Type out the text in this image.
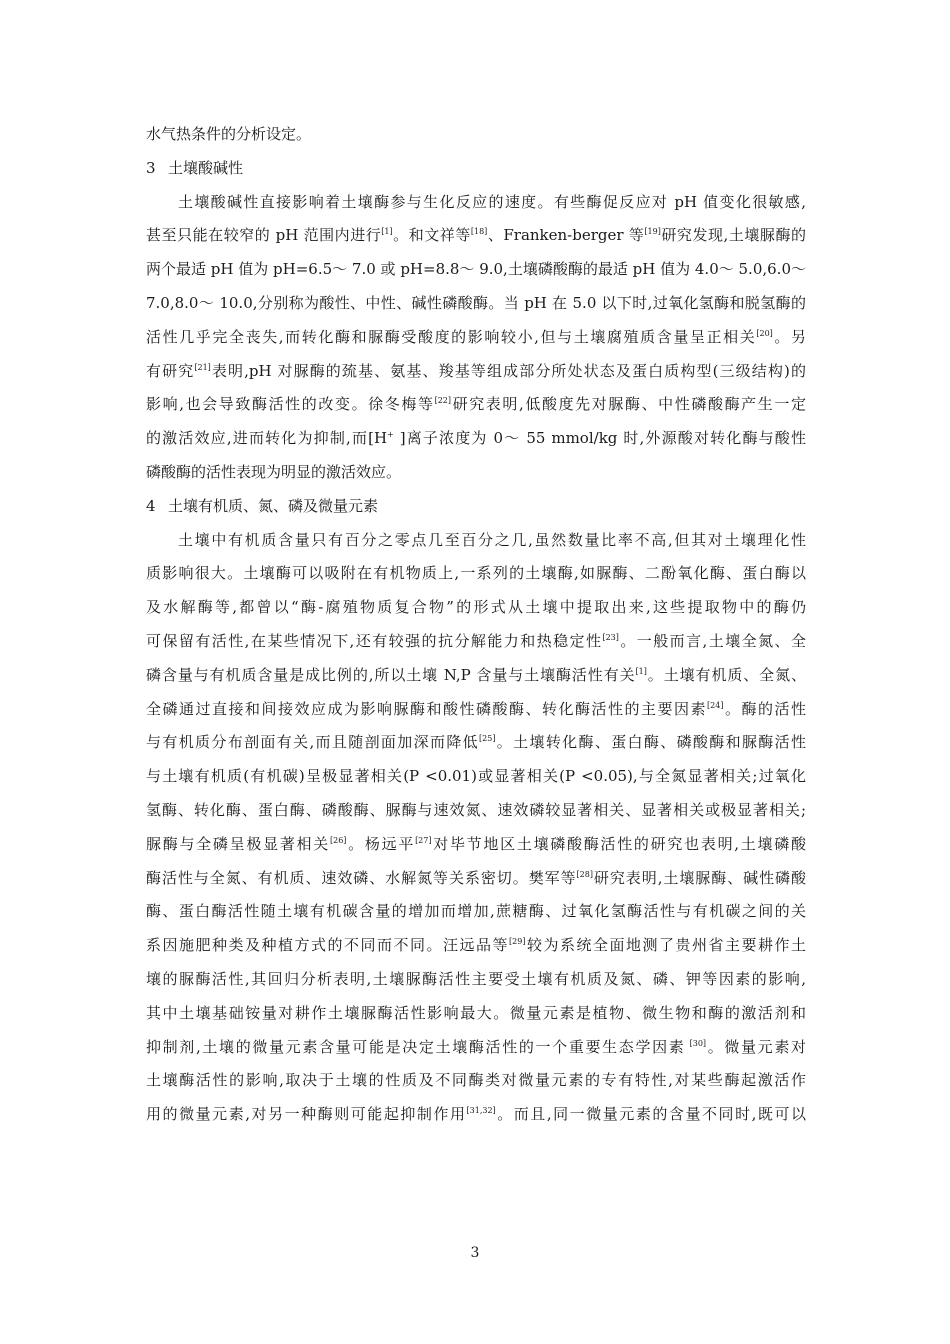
水气热条件的分析设定。
3 土壤酸碱性
土壤酸碱性直接影响着土壤酶参与生化反应的速度。有些酶促反应对 pH 值变化很敏感,
甚至只能在较窄的 pH 范围内进行[1]。和文祥等[18]、Franken-berger 等[19]研究发现,土壤脲酶的
两个最适 pH 值为 pH=6.5～ 7.0 或 pH=8.8～ 9.0,土壤磷酸酶的最适 pH 值为 4.0～ 5.0,6.0～
7.0,8.0～ 10.0,分别称为酸性、中性、碱性磷酸酶。当 pH 在 5.0 以下时,过氧化氢酶和脱氢酶的
活性几乎完全丧失,而转化酶和脲酶受酸度的影响较小,但与土壤腐殖质含量呈正相关[20]。另
有研究[21]表明,pH 对脲酶的巯基、氨基、羧基等组成部分所处状态及蛋白质构型(三级结构)的
影响,也会导致酶活性的改变。徐冬梅等[22]研究表明,低酸度先对脲酶、中性磷酸酶产生一定
的激活效应,进而转化为抑制,而[H+ ]离子浓度为 0～ 55 mmol/kg 时,外源酸对转化酶与酸性
磷酸酶的活性表现为明显的激活效应。
4 土壤有机质、氮、磷及微量元素
土壤中有机质含量只有百分之零点几至百分之几,虽然数量比率不高,但其对土壤理化性
质影响很大。土壤酶可以吸附在有机物质上,一系列的土壤酶,如脲酶、二酚氧化酶、蛋白酶以
及水解酶等,都曾以“酶-腐殖物质复合物”的形式从土壤中提取出来,这些提取物中的酶仍
可保留有活性,在某些情况下,还有较强的抗分解能力和热稳定性[23]。一般而言,土壤全氮、全
磷含量与有机质含量是成比例的,所以土壤 N,P 含量与土壤酶活性有关[1]。土壤有机质、全氮、
全磷通过直接和间接效应成为影响脲酶和酸性磷酸酶、转化酶活性的主要因素[24]。酶的活性
与有机质分布剖面有关,而且随剖面加深而降低[25]。土壤转化酶、蛋白酶、磷酸酶和脲酶活性
与土壤有机质(有机碳)呈极显著相关(P <0.01)或显著相关(P <0.05),与全氮显著相关;过氧化
氢酶、转化酶、蛋白酶、磷酸酶、脲酶与速效氮、速效磷较显著相关、显著相关或极显著相关;
脲酶与全磷呈极显著相关[26]。杨远平[27]对毕节地区土壤磷酸酶活性的研究也表明,土壤磷酸
酶活性与全氮、有机质、速效磷、水解氮等关系密切。樊军等[28]研究表明,土壤脲酶、碱性磷酸
酶、蛋白酶活性随土壤有机碳含量的增加而增加,蔗糖酶、过氧化氢酶活性与有机碳之间的关
系因施肥种类及种植方式的不同而不同。汪远品等[29]较为系统全面地测了贵州省主要耕作土
壤的脲酶活性,其回归分析表明,土壤脲酶活性主要受土壤有机质及氮、磷、钾等因素的影响,
其中土壤基础铵量对耕作土壤脲酶活性影响最大。微量元素是植物、微生物和酶的激活剂和
抑制剂,土壤的微量元素含量可能是决定土壤酶活性的一个重要生态学因素 [30]。微量元素对
土壤酶活性的影响,取决于土壤的性质及不同酶类对微量元素的专有特性,对某些酶起激活作
用的微量元素,对另一种酶则可能起抑制作用[31,32]。而且,同一微量元素的含量不同时,既可以
3
